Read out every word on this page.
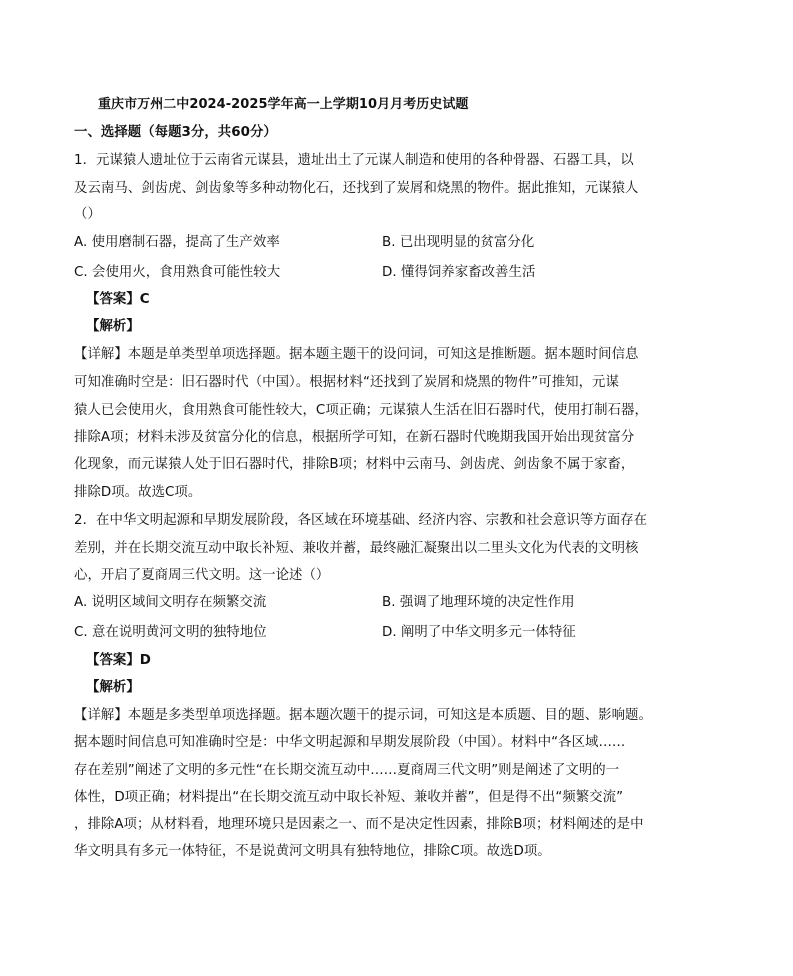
重庆市万州二中2024-2025学年高一上学期10月月考历史试题
一、选择题（每题3分，共60分）
1．元谋猿人遗址位于云南省元谋县，遗址出土了元谋人制造和使用的各种骨器、石器工具，以
及云南马、剑齿虎、剑齿象等多种动物化石，还找到了炭屑和烧黑的物件。据此推知，元谋猿人
（）
A. 使用磨制石器，提高了生产效率	B. 已出现明显的贫富分化
C. 会使用火，食用熟食可能性较大	D. 懂得饲养家畜改善生活
【答案】C
【解析】
【详解】本题是单类型单项选择题。据本题主题干的设问词，可知这是推断题。据本题时间信息
可知准确时空是：旧石器时代（中国）。根据材料“还找到了炭屑和烧黑的物件”可推知，元谋
猿人已会使用火，食用熟食可能性较大，C项正确；元谋猿人生活在旧石器时代，使用打制石器，
排除A项；材料未涉及贫富分化的信息，根据所学可知，在新石器时代晚期我国开始出现贫富分
化现象，而元谋猿人处于旧石器时代，排除B项；材料中云南马、剑齿虎、剑齿象不属于家畜，
排除D项。故选C项。
2．在中华文明起源和早期发展阶段，各区域在环境基础、经济内容、宗教和社会意识等方面存在
差别，并在长期交流互动中取长补短、兼收并蓄，最终融汇凝聚出以二里头文化为代表的文明核
心，开启了夏商周三代文明。这一论述（）
A. 说明区域间文明存在频繁交流	B. 强调了地理环境的决定性作用
C. 意在说明黄河文明的独特地位	D. 阐明了中华文明多元一体特征
【答案】D
【解析】
【详解】本题是多类型单项选择题。据本题次题干的提示词，可知这是本质题、目的题、影响题。
据本题时间信息可知准确时空是：中华文明起源和早期发展阶段（中国）。材料中“各区域……
存在差别”阐述了文明的多元性“在长期交流互动中……夏商周三代文明”则是阐述了文明的一
体性，D项正确；材料提出“在长期交流互动中取长补短、兼收并蓄”，但是得不出“频繁交流”
，排除A项；从材料看，地理环境只是因素之一、而不是决定性因素，排除B项；材料阐述的是中
华文明具有多元一体特征，不是说黄河文明具有独特地位，排除C项。故选D项。
